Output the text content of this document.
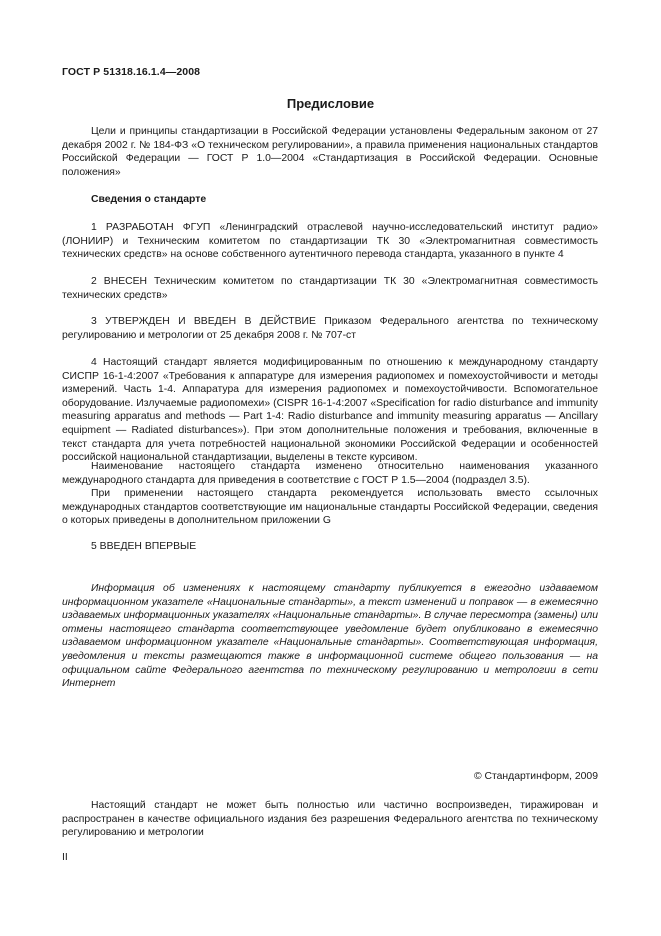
ГОСТ Р 51318.16.1.4—2008
Предисловие

Цели и принципы стандартизации в Российской Федерации установлены Федеральным законом от 27 декабря 2002 г. № 184-ФЗ «О техническом регулировании», а правила применения национальных стандартов Российской Федерации — ГОСТ Р 1.0—2004 «Стандартизация в Российской Федерации. Основные положения»

Сведения о стандарте

1 РАЗРАБОТАН ФГУП «Ленинградский отраслевой научно-исследовательский институт радио» (ЛОНИИР) и Техническим комитетом по стандартизации ТК 30 «Электромагнитная совместимость технических средств» на основе собственного аутентичного перевода стандарта, указанного в пункте 4

2 ВНЕСЕН Техническим комитетом по стандартизации ТК 30 «Электромагнитная совместимость технических средств»

3 УТВЕРЖДЕН И ВВЕДЕН В ДЕЙСТВИЕ Приказом Федерального агентства по техническому регулированию и метрологии от 25 декабря 2008 г. № 707-ст

4 Настоящий стандарт является модифицированным по отношению к международному стандарту СИСПР 16-1-4:2007 «Требования к аппаратуре для измерения радиопомех и помехоустойчивости и методы измерений. Часть 1-4. Аппаратура для измерения радиопомех и помехоустойчивости. Вспомогательное оборудование. Излучаемые радиопомехи» (CISPR 16-1-4:2007 «Specification for radio disturbance and immunity measuring apparatus and methods — Part 1-4: Radio disturbance and immunity measuring apparatus — Ancillary equipment — Radiated disturbances»). При этом дополнительные положения и требования, включенные в текст стандарта для учета потребностей национальной экономики Российской Федерации и особенностей российской национальной стандартизации, выделены в тексте курсивом.

Наименование настоящего стандарта изменено относительно наименования указанного международного стандарта для приведения в соответствие с ГОСТ Р 1.5—2004 (подраздел 3.5).

При применении настоящего стандарта рекомендуется использовать вместо ссылочных международных стандартов соответствующие им национальные стандарты Российской Федерации, сведения о которых приведены в дополнительном приложении G

5 ВВЕДЕН ВПЕРВЫЕ

Информация об изменениях к настоящему стандарту публикуется в ежегодно издаваемом информационном указателе «Национальные стандарты», а текст изменений и поправок — в ежемесячно издаваемых информационных указателях «Национальные стандарты». В случае пересмотра (замены) или отмены настоящего стандарта соответствующее уведомление будет опубликовано в ежемесячно издаваемом информационном указателе «Национальные стандарты». Соответствующая информация, уведомления и тексты размещаются также в информационной системе общего пользования — на официальном сайте Федерального агентства по техническому регулированию и метрологии в сети Интернет

© Стандартинформ, 2009

Настоящий стандарт не может быть полностью или частично воспроизведен, тиражирован и распространен в качестве официального издания без разрешения Федерального агентства по техническому регулированию и метрологии

II
